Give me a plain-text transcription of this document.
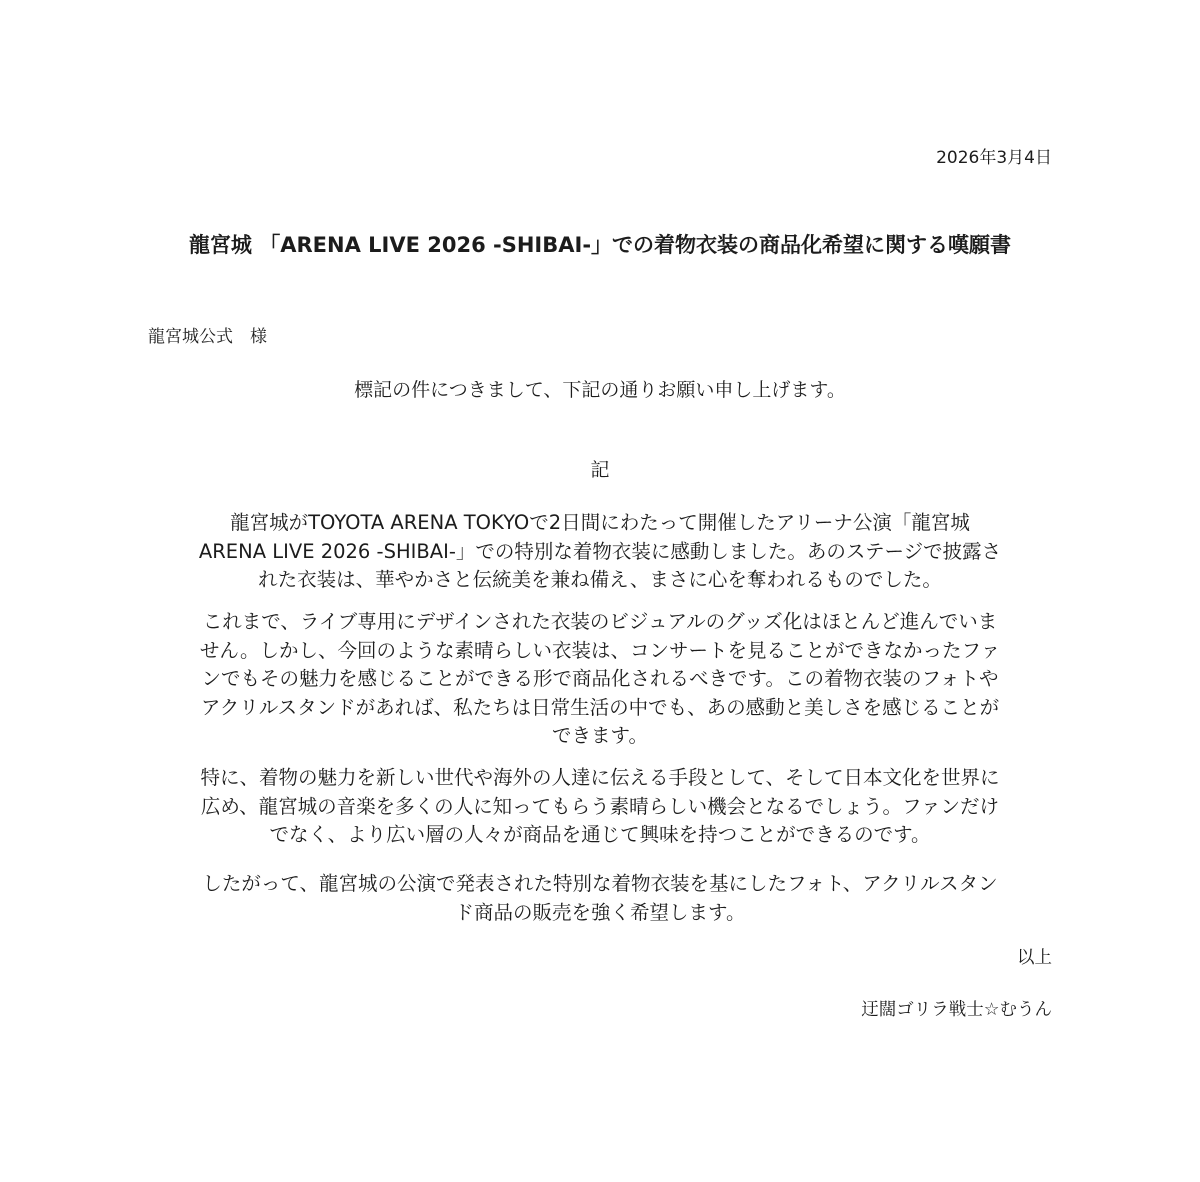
2026年3月4日
龍宮城 「ARENA LIVE 2026 -SHIBAI-」での着物衣装の商品化希望に関する嘆願書
龍宮城公式　様
標記の件につきまして、下記の通りお願い申し上げます。
記
龍宮城がTOYOTA ARENA TOKYOで2日間にわたって開催したアリーナ公演「龍宮城
ARENA LIVE 2026 -SHIBAI-」での特別な着物衣装に感動しました。あのステージで披露さ
れた衣装は、華やかさと伝統美を兼ね備え、まさに心を奪われるものでした。
これまで、ライブ専用にデザインされた衣装のビジュアルのグッズ化はほとんど進んでいま
せん。しかし、今回のような素晴らしい衣装は、コンサートを見ることができなかったファ
ンでもその魅力を感じることができる形で商品化されるべきです。この着物衣装のフォトや
アクリルスタンドがあれば、私たちは日常生活の中でも、あの感動と美しさを感じることが
できます。
特に、着物の魅力を新しい世代や海外の人達に伝える手段として、そして日本文化を世界に
広め、龍宮城の音楽を多くの人に知ってもらう素晴らしい機会となるでしょう。ファンだけ
でなく、より広い層の人々が商品を通じて興味を持つことができるのです。
したがって、龍宮城の公演で発表された特別な着物衣装を基にしたフォト、アクリルスタン
ド商品の販売を強く希望します。
以上
迂闊ゴリラ戦士☆むうん
